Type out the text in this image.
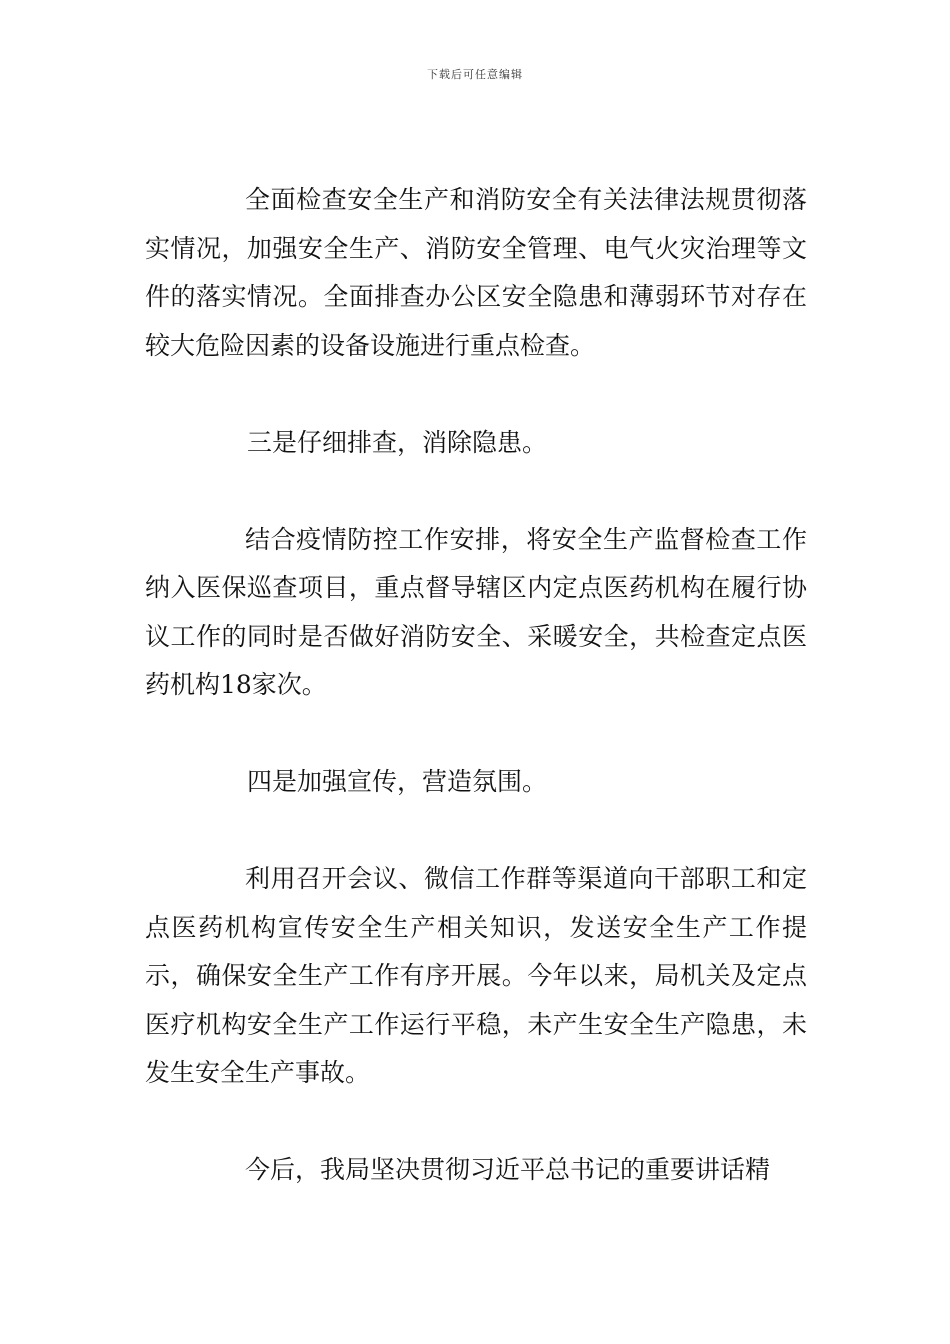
下载后可任意编辑

全面检查安全生产和消防安全有关法律法规贯彻落实情况，加强安全生产、消防安全管理、电气火灾治理等文件的落实情况。全面排查办公区安全隐患和薄弱环节对存在较大危险因素的设备设施进行重点检查。

三是仔细排查，消除隐患。

结合疫情防控工作安排，将安全生产监督检查工作纳入医保巡查项目，重点督导辖区内定点医药机构在履行协议工作的同时是否做好消防安全、采暖安全，共检查定点医药机构18家次。

四是加强宣传，营造氛围。

利用召开会议、微信工作群等渠道向干部职工和定点医药机构宣传安全生产相关知识，发送安全生产工作提示，确保安全生产工作有序开展。今年以来，局机关及定点医疗机构安全生产工作运行平稳，未产生安全生产隐患，未发生安全生产事故。

今后，我局坚决贯彻习近平总书记的重要讲话精
